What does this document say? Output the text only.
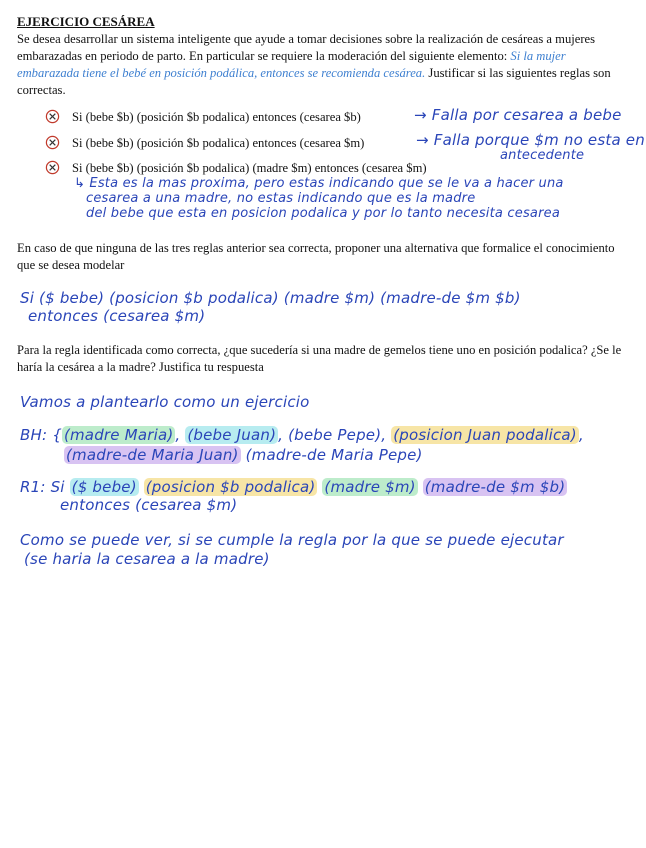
EJERCICIO CESÁREA
Se desea desarrollar un sistema inteligente que ayude a tomar decisiones sobre la realización de cesáreas a mujeres embarazadas en periodo de parto. En particular se requiere la moderación del siguiente elemento: Si la mujer embarazada tiene el bebé en posición podálica, entonces se recomienda cesárea. Justificar si las siguientes reglas son correctas.
Si (bebe $b) (posición $b podalica) entonces (cesarea $b)	→ Falla por cesarea a bebe
Si (bebe $b) (posición $b podalica) entonces (cesarea $m)	→ Falla porque $m no esta en
antecedente
Si (bebe $b) (posición $b podalica) (madre $m) entonces (cesarea $m)
↳ Esta es la mas proxima, pero estas indicando que se le va a hacer una
cesarea a una madre, no estas indicando que es la madre
del bebe que esta en posicion podalica y por lo tanto necesita cesarea
En caso de que ninguna de las tres reglas anterior sea correcta, proponer una alternativa que formalice el conocimiento que se desea modelar
Si ($ bebe) (posicion $b podalica) (madre $m) (madre-de $m $b)
entonces (cesarea $m)
Para la regla identificada como correcta, ¿que sucedería si una madre de gemelos tiene uno en posición podalica? ¿Se le haría la cesárea a la madre? Justifica tu respuesta
Vamos a plantearlo como un ejercicio
BH: { (madre Maria) , (bebe Juan) , (bebe Pepe), (posicion Juan podalica) ,
(madre-de Maria Juan) (madre-de Maria Pepe)
R1: Si ($ bebe) (posicion $b podalica) (madre $m) (madre-de $m $b)
entonces (cesarea $m)
Como se puede ver, si se cumple la regla por la que se puede ejecutar
(se haria la cesarea a la madre)
